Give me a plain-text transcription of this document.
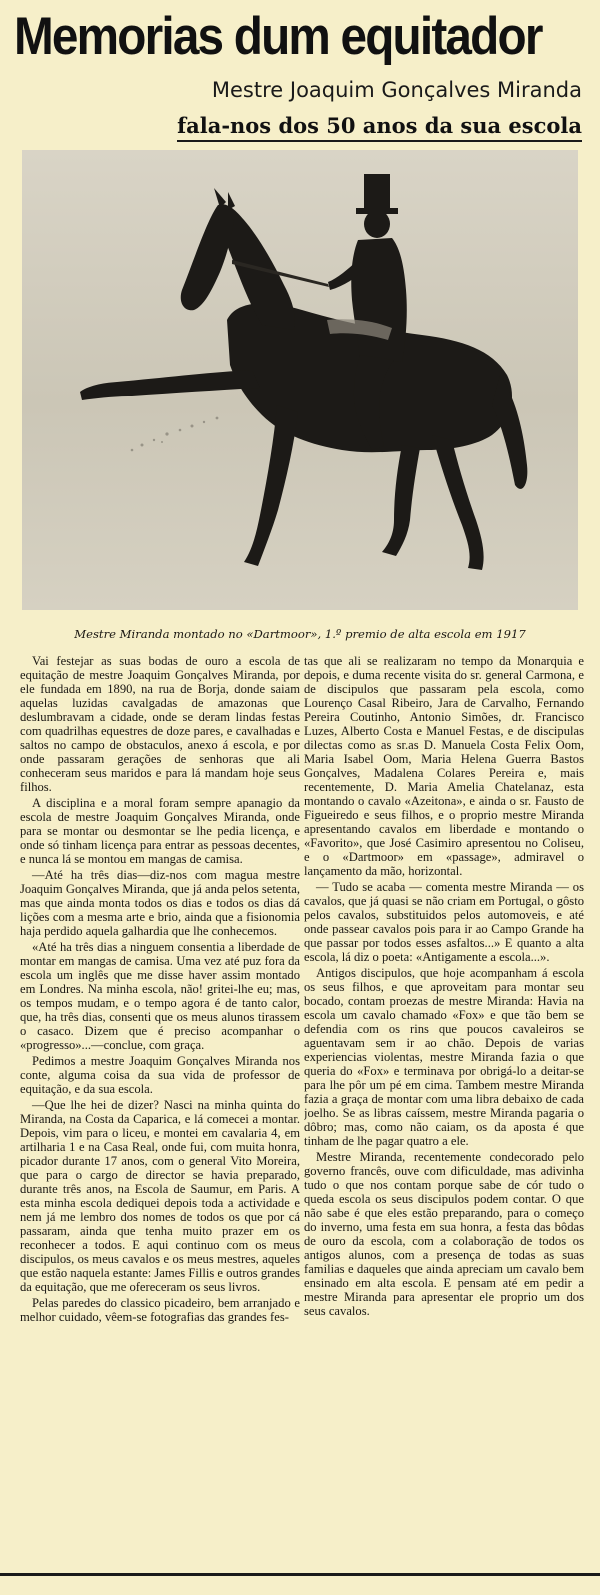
Memorias dum equitador
Mestre Joaquim Gonçalves Miranda
fala-nos dos 50 anos da sua escola
Mestre Miranda montado no «Dartmoor», 1.º premio de alta escola em 1917

Vai festejar as suas bodas de ouro a escola de equitação de mestre Joaquim Gonçalves Miranda, por ele fundada em 1890, na rua de Borja, donde saiam aquelas luzidas cavalgadas de amazonas que deslumbravam a cidade, onde se deram lindas festas com quadrilhas equestres de doze pares, e cavalhadas e saltos no campo de obstaculos, anexo á escola, e por onde passaram gerações de senhoras que ali conheceram seus maridos e para lá mandam hoje seus filhos.

A disciplina e a moral foram sempre apanagio da escola de mestre Joaquim Gonçalves Miranda, onde para se montar ou desmontar se lhe pedia licença, e onde só tinham licença para entrar as pessoas decentes, e nunca lá se montou em mangas de camisa.

—Até ha três dias—diz-nos com magua mestre Joaquim Gonçalves Miranda, que já anda pelos setenta, mas que ainda monta todos os dias e todos os dias dá lições com a mesma arte e brio, ainda que a fisionomia haja perdido aquela galhardia que lhe conhecemos.

«Até ha três dias a ninguem consentia a liberdade de montar em mangas de camisa. Uma vez até puz fora da escola um inglês que me disse haver assim montado em Londres. Na minha escola, não! gritei-lhe eu; mas, os tempos mudam, e o tempo agora é de tanto calor, que, ha três dias, consenti que os meus alunos tirassem o casaco. Dizem que é preciso acompanhar o «progresso»...—conclue, com graça.

Pedimos a mestre Joaquim Gonçalves Miranda nos conte, alguma coisa da sua vida de professor de equitação, e da sua escola.

—Que lhe hei de dizer? Nasci na minha quinta do Miranda, na Costa da Caparica, e lá comecei a montar. Depois, vim para o liceu, e montei em cavalaria 4, em artilharia 1 e na Casa Real, onde fui, com muita honra, picador durante 17 anos, com o general Vito Moreira, que para o cargo de director se havia preparado, durante três anos, na Escola de Saumur, em Paris. A esta minha escola dediquei depois toda a actividade e nem já me lembro dos nomes de todos os que por cá passaram, ainda que tenha muito prazer em os reconhecer a todos. E aqui continuo com os meus discipulos, os meus cavalos e os meus mestres, aqueles que estão naquela estante: James Fillis e outros grandes da equitação, que me ofereceram os seus livros.

Pelas paredes do classico picadeiro, bem arranjado e melhor cuidado, vêem-se fotografias das grandes fes-

tas que ali se realizaram no tempo da Monarquia e depois, e duma recente visita do sr. general Carmona, e de discipulos que passaram pela escola, como Lourenço Casal Ribeiro, Jara de Carvalho, Fernando Pereira Coutinho, Antonio Simões, dr. Francisco Luzes, Alberto Costa e Manuel Festas, e de discipulas dilectas como as sr.as D. Manuela Costa Felix Oom, Maria Isabel Oom, Maria Helena Guerra Bastos Gonçalves, Madalena Colares Pereira e, mais recentemente, D. Maria Amelia Chatelanaz, esta montando o cavalo «Azeitona», e ainda o sr. Fausto de Figueiredo e seus filhos, e o proprio mestre Miranda apresentando cavalos em liberdade e montando o «Favorito», que José Casimiro apresentou no Coliseu, e o «Dartmoor» em «passage», admiravel o lançamento da mão, horizontal.

— Tudo se acaba — comenta mestre Miranda — os cavalos, que já quasi se não criam em Portugal, o gôsto pelos cavalos, substituidos pelos automoveis, e até onde passear cavalos pois para ir ao Campo Grande ha que passar por todos esses asfaltos...» E quanto a alta escola, lá diz o poeta: «Antigamente a escola...».

Antigos discipulos, que hoje acompanham á escola os seus filhos, e que aproveitam para montar seu bocado, contam proezas de mestre Miranda: Havia na escola um cavalo chamado «Fox» e que tão bem se defendia com os rins que poucos cavaleiros se aguentavam sem ir ao chão. Depois de varias experiencias violentas, mestre Miranda fazia o que queria do «Fox» e terminava por obrigá-lo a deitar-se para lhe pôr um pé em cima. Tambem mestre Miranda fazia a graça de montar com uma libra debaixo de cada joelho. Se as libras caíssem, mestre Miranda pagaria o dôbro; mas, como não caiam, os da aposta é que tinham de lhe pagar quatro a ele.

Mestre Miranda, recentemente condecorado pelo governo francês, ouve com dificuldade, mas adivinha tudo o que nos contam porque sabe de cór tudo o queda escola os seus discipulos podem contar. O que não sabe é que eles estão preparando, para o começo do inverno, uma festa em sua honra, a festa das bôdas de ouro da escola, com a colaboração de todos os antigos alunos, com a presença de todas as suas familias e daqueles que ainda apreciam um cavalo bem ensinado em alta escola. E pensam até em pedir a mestre Miranda para apresentar ele proprio um dos seus cavalos.
